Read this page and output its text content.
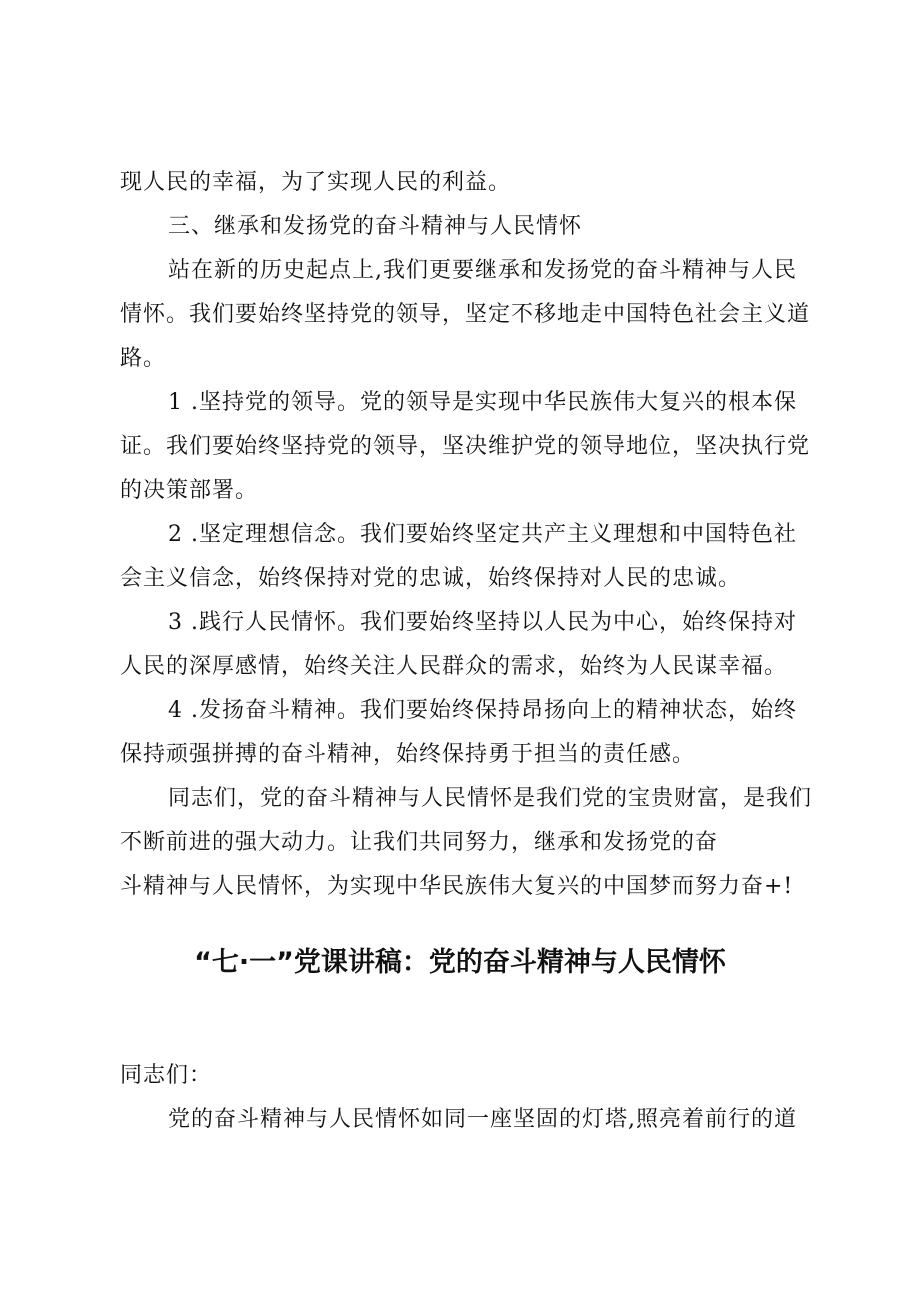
现人民的幸福，为了实现人民的利益。

三、继承和发扬党的奋斗精神与人民情怀

站在新的历史起点上,我们更要继承和发扬党的奋斗精神与人民

情怀。我们要始终坚持党的领导，坚定不移地走中国特色社会主义道

路。

1 .坚持党的领导。党的领导是实现中华民族伟大复兴的根本保

证。我们要始终坚持党的领导，坚决维护党的领导地位，坚决执行党

的决策部署。

2 .坚定理想信念。我们要始终坚定共产主义理想和中国特色社

会主义信念，始终保持对党的忠诚，始终保持对人民的忠诚。

3 .践行人民情怀。我们要始终坚持以人民为中心，始终保持对

人民的深厚感情，始终关注人民群众的需求，始终为人民谋幸福。

4 .发扬奋斗精神。我们要始终保持昂扬向上的精神状态，始终

保持顽强拼搏的奋斗精神，始终保持勇于担当的责任感。

同志们，党的奋斗精神与人民情怀是我们党的宝贵财富，是我们

不断前进的强大动力。让我们共同努力，继承和发扬党的奋

斗精神与人民情怀，为实现中华民族伟大复兴的中国梦而努力奋+!

“七·一”党课讲稿：党的奋斗精神与人民情怀

同志们：

党的奋斗精神与人民情怀如同一座坚固的灯塔,照亮着前行的道
